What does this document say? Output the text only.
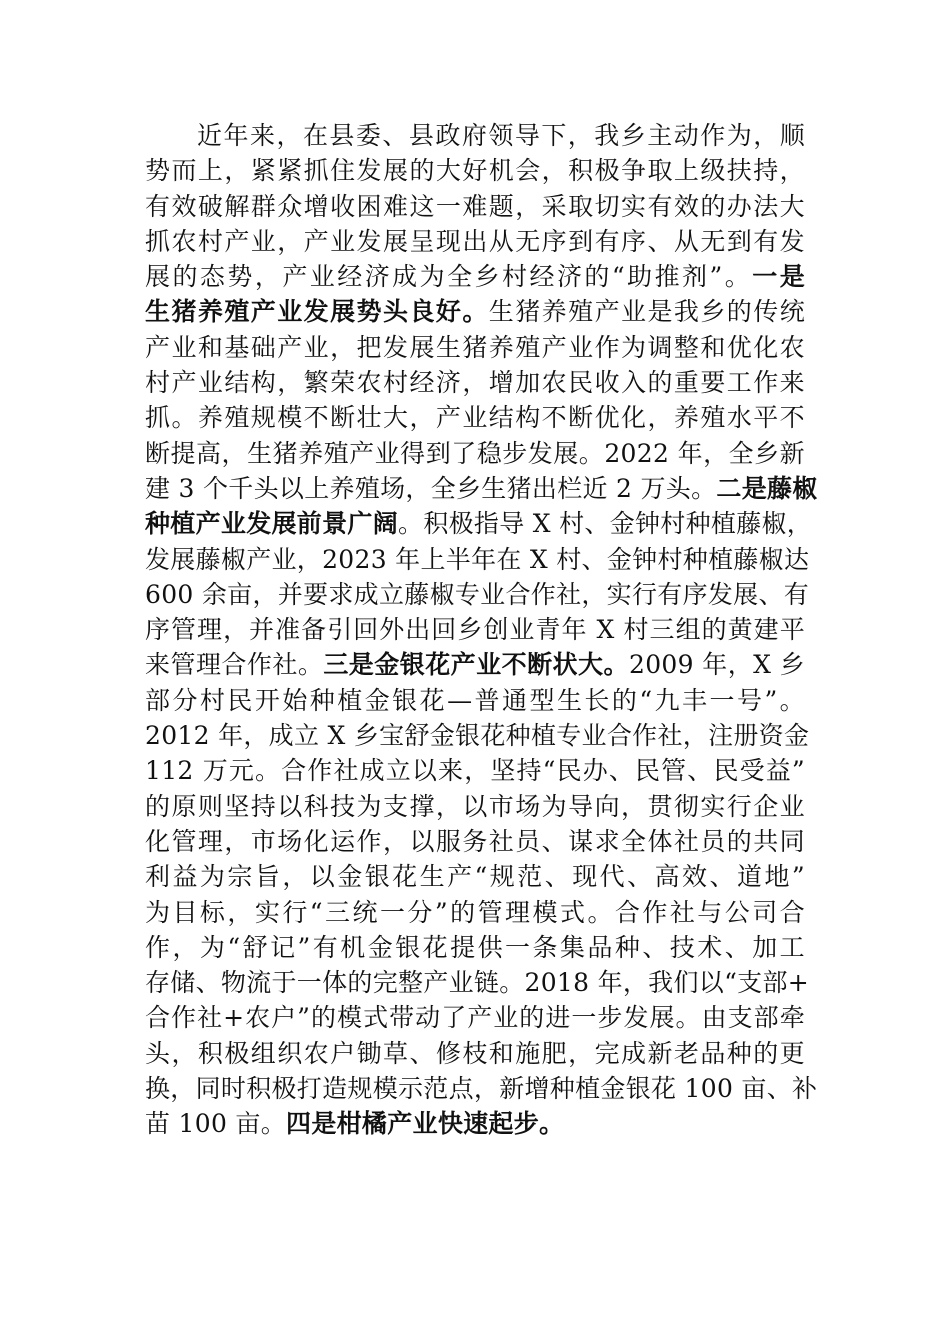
近年来，在县委、县政府领导下，我乡主动作为，顺
势而上，紧紧抓住发展的大好机会，积极争取上级扶持，
有效破解群众增收困难这一难题，采取切实有效的办法大
抓农村产业，产业发展呈现出从无序到有序、从无到有发
展的态势，产业经济成为全乡村经济的“助推剂”。一是
生猪养殖产业发展势头良好。生猪养殖产业是我乡的传统
产业和基础产业，把发展生猪养殖产业作为调整和优化农
村产业结构，繁荣农村经济，增加农民收入的重要工作来
抓。养殖规模不断壮大，产业结构不断优化，养殖水平不
断提高，生猪养殖产业得到了稳步发展。2022 年，全乡新
建 3 个千头以上养殖场，全乡生猪出栏近 2 万头。二是藤椒
种植产业发展前景广阔。积极指导 X 村、金钟村种植藤椒，
发展藤椒产业，2023 年上半年在 X 村、金钟村种植藤椒达
600 余亩，并要求成立藤椒专业合作社，实行有序发展、有
序管理，并准备引回外出回乡创业青年 X 村三组的黄建平
来管理合作社。三是金银花产业不断状大。2009 年，X 乡
部分村民开始种植金银花—普通型生长的“九丰一号”。
2012 年，成立 X 乡宝舒金银花种植专业合作社，注册资金
112 万元。合作社成立以来，坚持“民办、民管、民受益”
的原则坚持以科技为支撑，以市场为导向，贯彻实行企业
化管理，市场化运作，以服务社员、谋求全体社员的共同
利益为宗旨，以金银花生产“规范、现代、高效、道地”
为目标，实行“三统一分”的管理模式。合作社与公司合
作，为“舒记”有机金银花提供一条集品种、技术、加工
存储、物流于一体的完整产业链。2018 年，我们以“支部+
合作社+农户”的模式带动了产业的进一步发展。由支部牵
头，积极组织农户锄草、修枝和施肥，完成新老品种的更
换，同时积极打造规模示范点，新增种植金银花 100 亩、补
苗 100 亩。四是柑橘产业快速起步。
